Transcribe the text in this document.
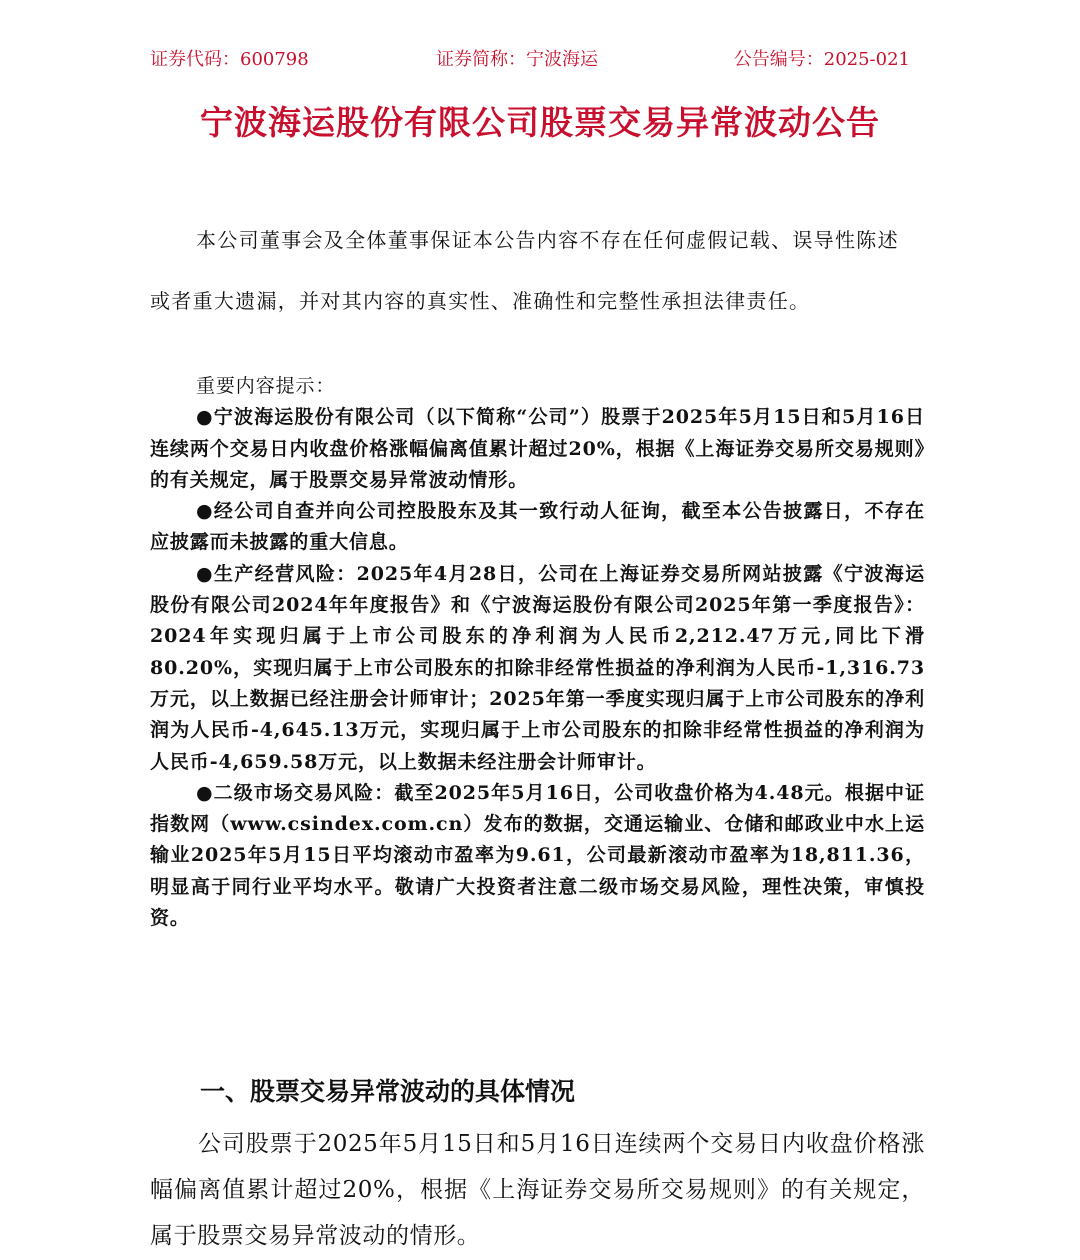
证券代码：600798	证券简称：宁波海运	公告编号：2025-021
宁波海运股份有限公司股票交易异常波动公告
本公司董事会及全体董事保证本公告内容不存在任何虚假记载、误导性陈述
或者重大遗漏，并对其内容的真实性、准确性和完整性承担法律责任。

重要内容提示：

●宁波海运股份有限公司（以下简称“公司”）股票于2025年5月15日和5月16日连续两个交易日内收盘价格涨幅偏离值累计超过20%，根据《上海证券交易所交易规则》的有关规定，属于股票交易异常波动情形。

●经公司自查并向公司控股股东及其一致行动人征询，截至本公告披露日，不存在应披露而未披露的重大信息。

●生产经营风险：2025年4月28日，公司在上海证券交易所网站披露《宁波海运股份有限公司2024年年度报告》和《宁波海运股份有限公司2025年第一季度报告》：2024年实现归属于上市公司股东的净利润为人民币2,212.47万元,同比下滑80.20%，实现归属于上市公司股东的扣除非经常性损益的净利润为人民币-1,316.73万元，以上数据已经注册会计师审计；2025年第一季度实现归属于上市公司股东的净利润为人民币-4,645.13万元，实现归属于上市公司股东的扣除非经常性损益的净利润为人民币-4,659.58万元，以上数据未经注册会计师审计。

●二级市场交易风险：截至2025年5月16日，公司收盘价格为4.48元。根据中证指数网（www.csindex.com.cn）发布的数据，交通运输业、仓储和邮政业中水上运输业2025年5月15日平均滚动市盈率为9.61，公司最新滚动市盈率为18,811.36，明显高于同行业平均水平。敬请广大投资者注意二级市场交易风险，理性决策，审慎投资。

一、股票交易异常波动的具体情况

公司股票于2025年5月15日和5月16日连续两个交易日内收盘价格涨幅偏离值累计超过20%，根据《上海证券交易所交易规则》的有关规定，属于股票交易异常波动的情形。
